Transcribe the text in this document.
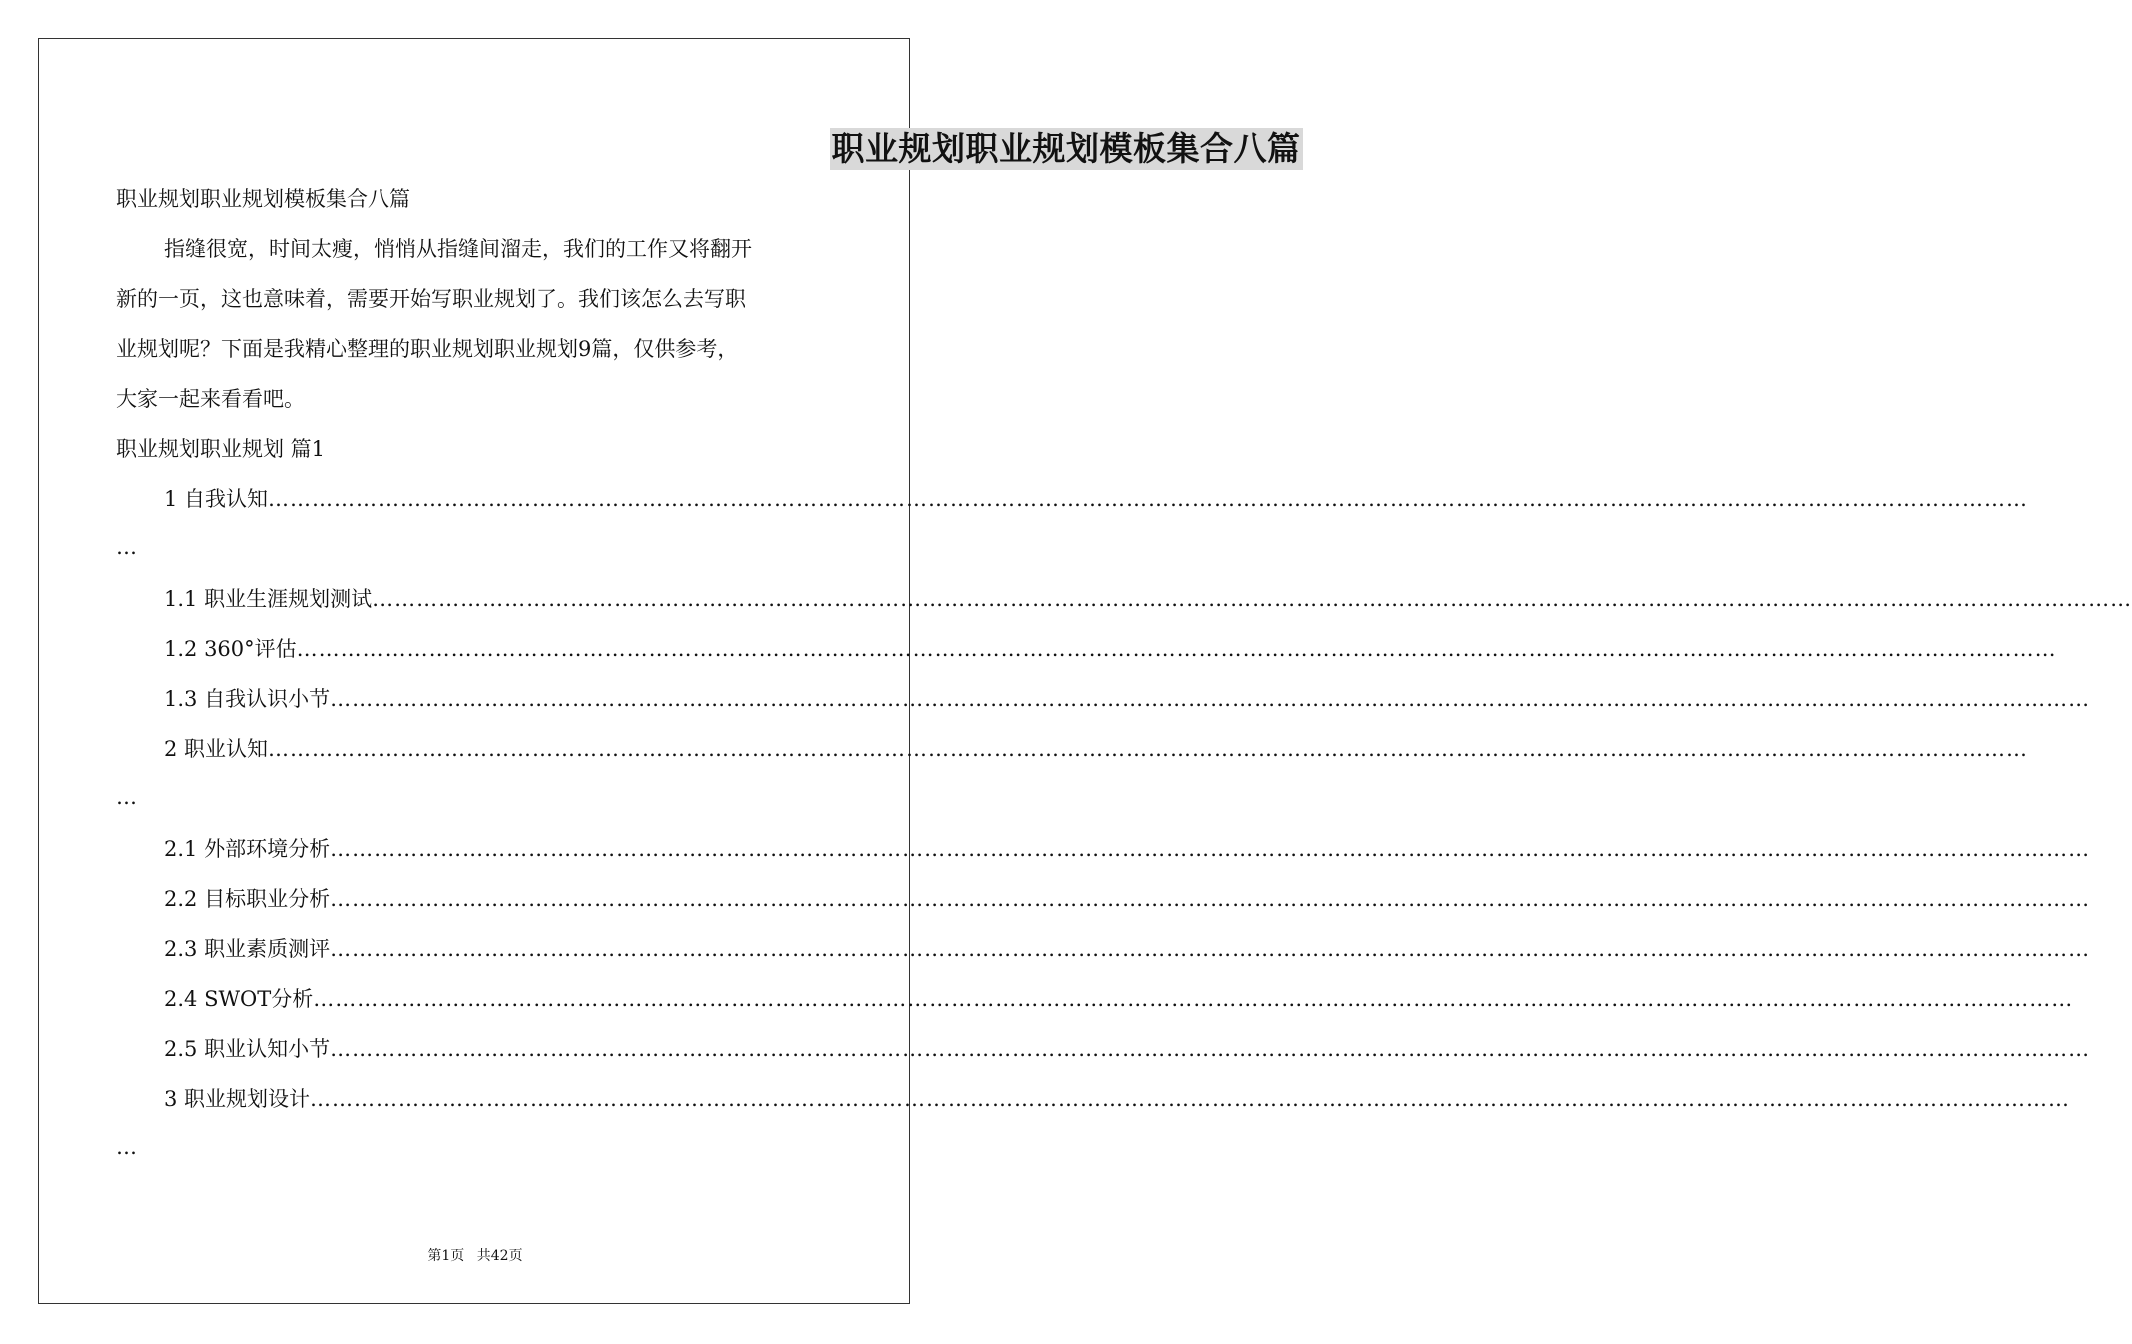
职业规划职业规划模板集合八篇
职业规划职业规划模板集合八篇
指缝很宽，时间太瘦，悄悄从指缝间溜走，我们的工作又将翻开
新的一页，这也意味着，需要开始写职业规划了。我们该怎么去写职
业规划呢？下面是我精心整理的职业规划职业规划9篇，仅供参考，
大家一起来看看吧。
职业规划职业规划 篇1
1 自我认知 ……………………………………………………………………………………………………………………………………………………………………………………………………………………
…
1.1 职业生涯规划测试 ……………………………………………………………………………………………………………………………………………………………………………………………………………………
1.2 360°评估 ……………………………………………………………………………………………………………………………………………………………………………………………………………………
1.3 自我认识小节 ……………………………………………………………………………………………………………………………………………………………………………………………………………………
2 职业认知 ……………………………………………………………………………………………………………………………………………………………………………………………………………………
…
2.1 外部环境分析 ……………………………………………………………………………………………………………………………………………………………………………………………………………………
2.2 目标职业分析 ……………………………………………………………………………………………………………………………………………………………………………………………………………………
2.3 职业素质测评 ……………………………………………………………………………………………………………………………………………………………………………………………………………………
2.4 SWOT分析 ……………………………………………………………………………………………………………………………………………………………………………………………………………………
2.5 职业认知小节 ……………………………………………………………………………………………………………………………………………………………………………………………………………………
3 职业规划设计 ……………………………………………………………………………………………………………………………………………………………………………………………………………………
…
第1页 共42页
